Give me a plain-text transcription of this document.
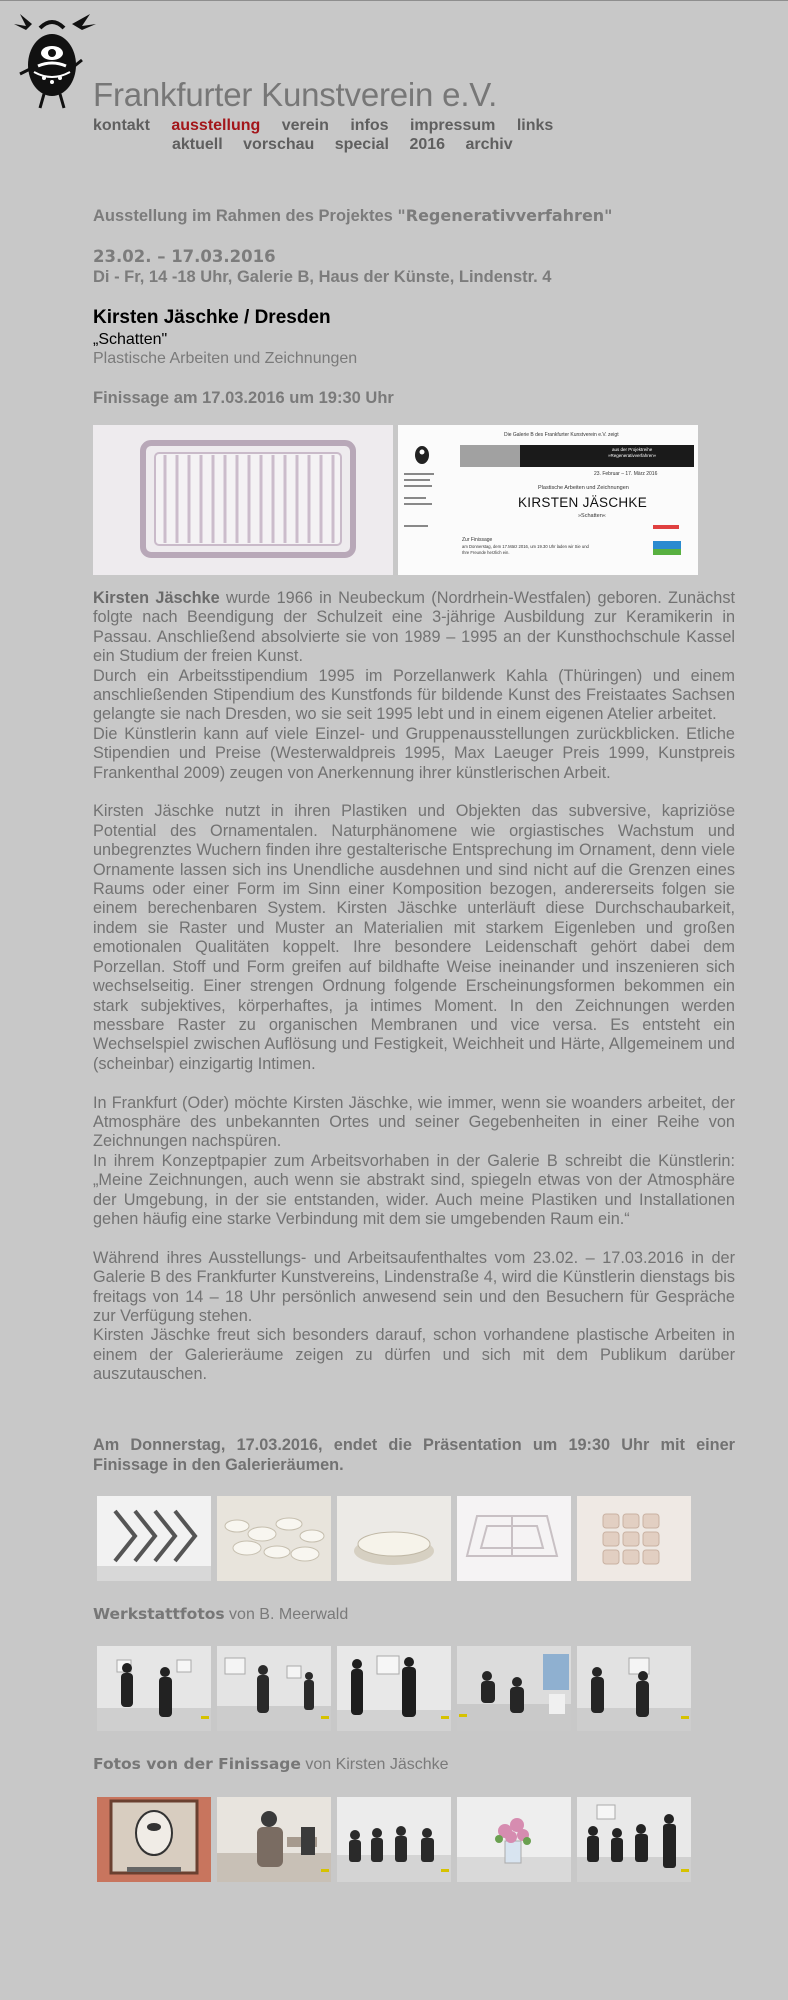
Frankfurter Kunstverein e.V.
kontakt ausstellung verein infos impressum links
aktuell vorschau special 2016 archiv
Ausstellung im Rahmen des Projektes "Regenerativverfahren"
23.02. – 17.03.2016
Di - Fr, 14 -18 Uhr, Galerie B, Haus der Künste, Lindenstr. 4
Kirsten Jäschke / Dresden
„Schatten"
Plastische Arbeiten und Zeichnungen
Finissage am 17.03.2016 um 19:30 Uhr
Die Galerie B des Frankfurter Kunstverein e.V. zeigt
aus der Projektreihe
»Regenerativverfahren«
23. Februar – 17. März 2016
Plastische Arbeiten und Zeichnungen
KIRSTEN JÄSCHKE
»Schatten«
Zur Finissage
am Donnerstag, dem 17.März 2016, um 19.30 Uhr laden wir Sie und Ihre Freunde herzlich ein.

Kirsten Jäschke wurde 1966 in Neubeckum (Nordrhein-Westfalen) geboren. Zunächst folgte nach Beendigung der Schulzeit eine 3-jährige Ausbildung zur Keramikerin in Passau. Anschließend absolvierte sie von 1989 – 1995 an der Kunsthochschule Kassel ein Studium der freien Kunst.

Durch ein Arbeitsstipendium 1995 im Porzellanwerk Kahla (Thüringen) und einem anschließenden Stipendium des Kunstfonds für bildende Kunst des Freistaates Sachsen gelangte sie nach Dresden, wo sie seit 1995 lebt und in einem eigenen Atelier arbeitet.

Die Künstlerin kann auf viele Einzel- und Gruppenausstellungen zurückblicken. Etliche Stipendien und Preise (Westerwaldpreis 1995, Max Laeuger Preis 1999, Kunstpreis Frankenthal 2009) zeugen von Anerkennung ihrer künstlerischen Arbeit.

Kirsten Jäschke nutzt in ihren Plastiken und Objekten das subversive, kapriziöse Potential des Ornamentalen. Naturphänomene wie orgiastisches Wachstum und unbegrenztes Wuchern finden ihre gestalterische Entsprechung im Ornament, denn viele Ornamente lassen sich ins Unendliche ausdehnen und sind nicht auf die Grenzen eines Raums oder einer Form im Sinn einer Komposition bezogen, andererseits folgen sie einem berechenbaren System. Kirsten Jäschke unterläuft diese Durchschaubarkeit, indem sie Raster und Muster an Materialien mit starkem Eigenleben und großen emotionalen Qualitäten koppelt. Ihre besondere Leidenschaft gehört dabei dem Porzellan. Stoff und Form greifen auf bildhafte Weise ineinander und inszenieren sich wechselseitig. Einer strengen Ordnung folgende Erscheinungsformen bekommen ein stark subjektives, körperhaftes, ja intimes Moment. In den Zeichnungen werden messbare Raster zu organischen Membranen und vice versa. Es entsteht ein Wechselspiel zwischen Auflösung und Festigkeit, Weichheit und Härte, Allgemeinem und (scheinbar) einzigartig Intimen.

In Frankfurt (Oder) möchte Kirsten Jäschke, wie immer, wenn sie woanders arbeitet, der Atmosphäre des unbekannten Ortes und seiner Gegebenheiten in einer Reihe von Zeichnungen nachspüren.

In ihrem Konzeptpapier zum Arbeitsvorhaben in der Galerie B schreibt die Künstlerin: „Meine Zeichnungen, auch wenn sie abstrakt sind, spiegeln etwas von der Atmosphäre der Umgebung, in der sie entstanden, wider. Auch meine Plastiken und Installationen gehen häufig eine starke Verbindung mit dem sie umgebenden Raum ein.“

Während ihres Ausstellungs- und Arbeitsaufenthaltes vom 23.02. – 17.03.2016 in der Galerie B des Frankfurter Kunstvereins, Lindenstraße 4, wird die Künstlerin dienstags bis freitags von 14 – 18 Uhr persönlich anwesend sein und den Besuchern für Gespräche zur Verfügung stehen.

Kirsten Jäschke freut sich besonders darauf, schon vorhandene plastische Arbeiten in einem der Galerieräume zeigen zu dürfen und sich mit dem Publikum darüber auszutauschen.

Am Donnerstag, 17.03.2016, endet die Präsentation um 19:30 Uhr mit einer Finissage in den Galerieräumen.
Werkstattfotos von B. Meerwald
Fotos von der Finissage von Kirsten Jäschke
